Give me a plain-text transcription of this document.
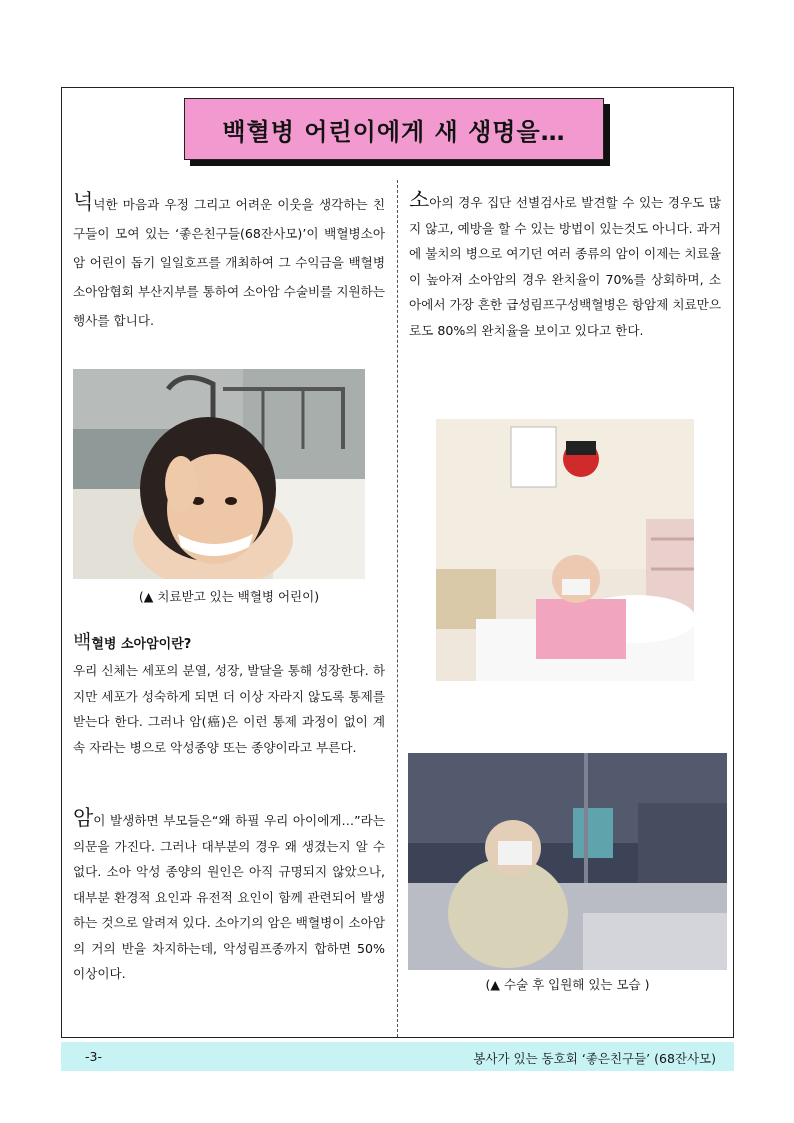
백혈병 어린이에게 새 생명을…

넉넉한 마음과 우정 그리고 어려운 이웃을 생각하는 친구들이 모여 있는 ‘좋은친구들(68잔사모)’이 백혈병소아암 어린이 돕기 일일호프를 개최하여 그 수익금을 백혈병소아암협회 부산지부를 통하여 소아암 수술비를 지원하는 행사를 합니다.

(▲ 치료받고 있는 백혈병 어린이)
백혈병 소아암이란?

우리 신체는 세포의 분열, 성장, 발달을 통해 성장한다. 하지만 세포가 성숙하게 되면 더 이상 자라지 않도록 통제를 받는다 한다. 그러나 암(癌)은 이런 통제 과정이 없이 계속 자라는 병으로 악성종양 또는 종양이라고 부른다.

암이 발생하면 부모들은“왜 하필 우리 아이에게…”라는 의문을 가진다. 그러나 대부분의 경우 왜 생겼는지 알 수 없다. 소아 악성 종양의 원인은 아직 규명되지 않았으나, 대부분 환경적 요인과 유전적 요인이 함께 관련되어 발생하는 것으로 알려져 있다. 소아기의 암은 백혈병이 소아암의 거의 반을 차지하는데, 악성림프종까지 합하면 50% 이상이다.

소아의 경우 집단 선별검사로 발견할 수 있는 경우도 많지 않고, 예방을 할 수 있는 방법이 있는것도 아니다. 과거에 불치의 병으로 여기던 여러 종류의 암이 이제는 치료율이 높아져 소아암의 경우 완치율이 70%를 상회하며, 소아에서 가장 흔한 급성림프구성백혈병은 항암제 치료만으로도 80%의 완치율을 보이고 있다고 한다.

(▲ 수술 후 입원해 있는 모습 )
-3-	봉사가 있는 동호회 ‘좋은친구들’ (68잔사모)
